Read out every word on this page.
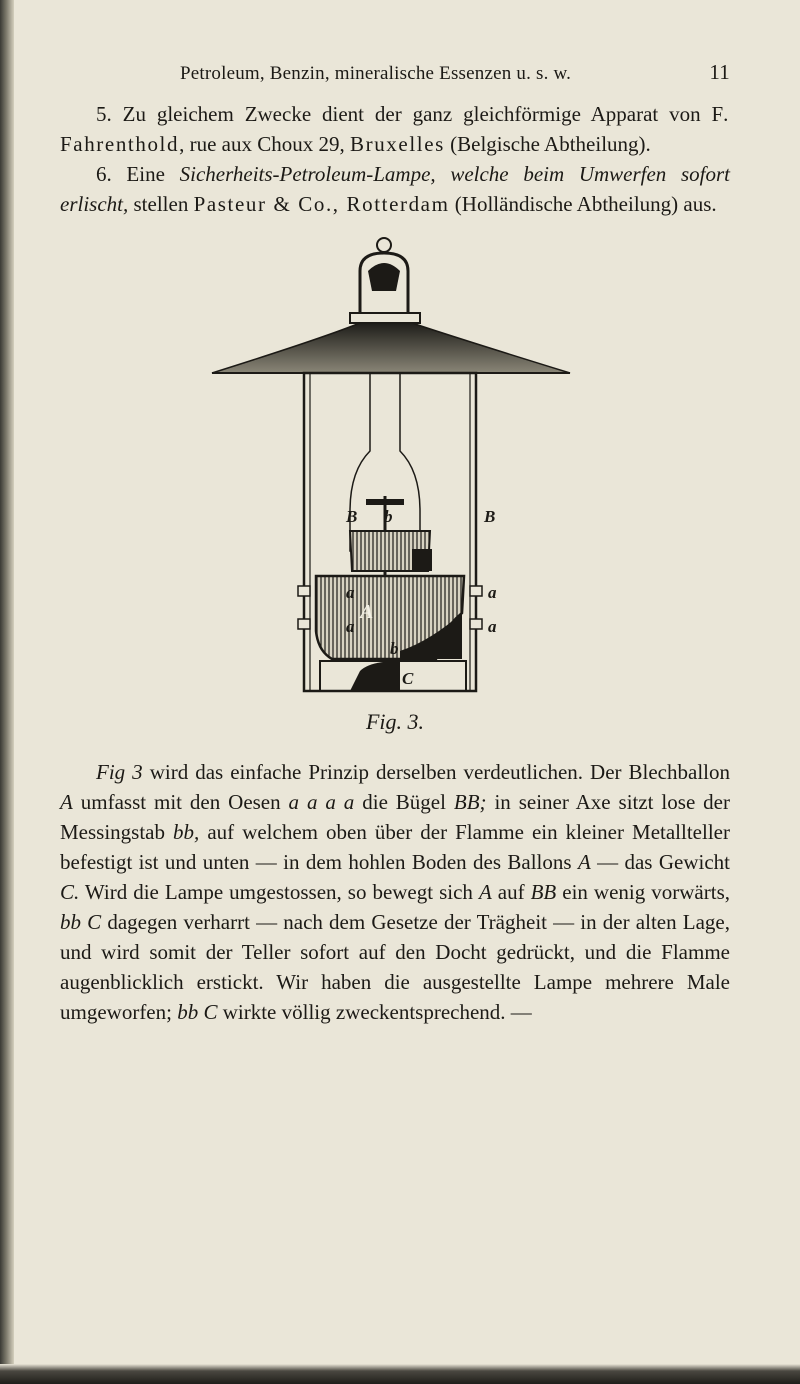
Petroleum, Benzin, mineralische Essenzen u. s. w.	11

5. Zu gleichem Zwecke dient der ganz gleichförmige Apparat von F. Fahrenthold, rue aux Choux 29, Bruxelles (Belgische Abtheilung).

6. Eine Sicherheits-Petroleum-Lampe, welche beim Umwerfen sofort erlischt, stellen Pasteur & Co., Rotterdam (Holländische Abtheilung) aus.

B	B
b
a
a
a
a
A
b
C
Fig. 3.

Fig 3 wird das einfache Prinzip derselben verdeutlichen. Der Blechballon A umfasst mit den Oesen a a a a die Bügel BB; in seiner Axe sitzt lose der Messingstab bb, auf welchem oben über der Flamme ein kleiner Metallteller befestigt ist und unten — in dem hohlen Boden des Ballons A — das Gewicht C. Wird die Lampe umgestossen, so bewegt sich A auf BB ein wenig vorwärts, bb C dagegen verharrt — nach dem Gesetze der Trägheit — in der alten Lage, und wird somit der Teller sofort auf den Docht gedrückt, und die Flamme augenblicklich erstickt. Wir haben die ausgestellte Lampe mehrere Male umgeworfen; bb C wirkte völlig zweckentsprechend. —
